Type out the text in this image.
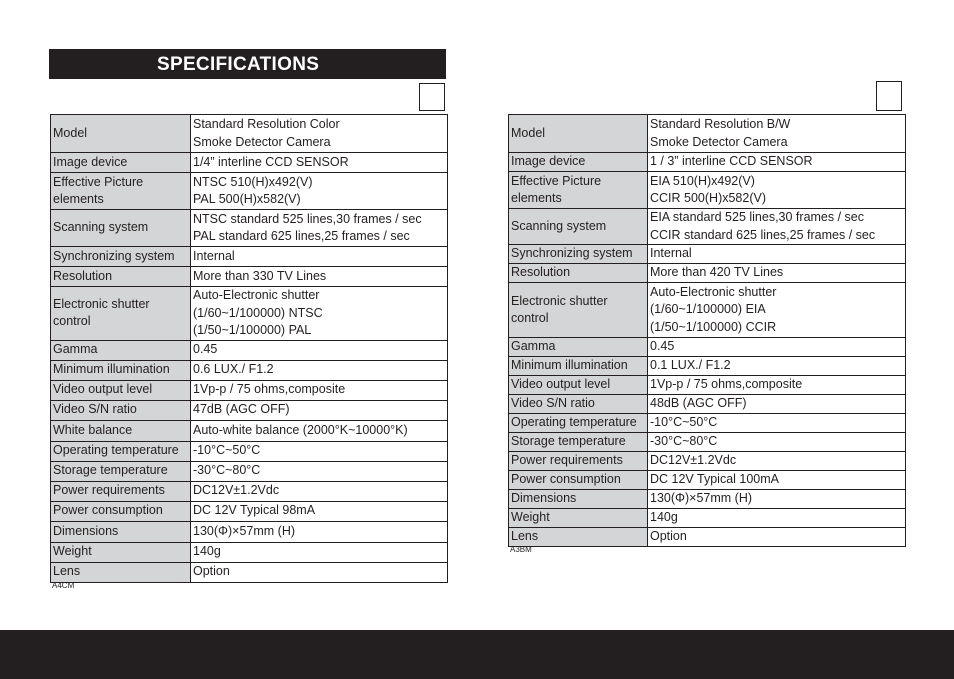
SPECIFICATIONS
Model	Standard Resolution Color
Smoke Detector Camera

Image device	1/4” interline CCD SENSOR

Effective Picture elements	NTSC 510(H)x492(V)
PAL 500(H)x582(V)

Scanning system	NTSC standard 525 lines,30 frames / sec
PAL standard 625 lines,25 frames / sec

Synchronizing system	Internal

Resolution	More than 330 TV Lines

Electronic shutter control	Auto-Electronic shutter
(1/60~1/100000) NTSC
(1/50~1/100000) PAL

Gamma	0.45

Minimum illumination	0.6 LUX./ F1.2

Video output level	1Vp-p / 75 ohms,composite

Video S/N ratio	47dB (AGC OFF)

White balance	Auto-white balance (2000°K~10000°K)

Operating temperature	-10°C~50°C

Storage temperature	-30°C~80°C

Power requirements	DC12V±1.2Vdc

Power consumption	DC 12V Typical 98mA

Dimensions	130(Φ)×57mm (H)

Weight	140g

Lens	Option
A4CM
Model	Standard Resolution B/W
Smoke Detector Camera

Image device	1 / 3” interline CCD SENSOR

Effective Picture elements	EIA 510(H)x492(V)
CCIR 500(H)x582(V)

Scanning system	EIA standard 525 lines,30 frames / sec
CCIR standard 625 lines,25 frames / sec

Synchronizing system	Internal

Resolution	More than 420 TV Lines

Electronic shutter control	Auto-Electronic shutter
(1/60~1/100000) EIA
(1/50~1/100000) CCIR

Gamma	0.45

Minimum illumination	0.1 LUX./ F1.2

Video output level	1Vp-p / 75 ohms,composite

Video S/N ratio	48dB (AGC OFF)

Operating temperature	-10°C~50°C

Storage temperature	-30°C~80°C

Power requirements	DC12V±1.2Vdc

Power consumption	DC 12V Typical 100mA

Dimensions	130(Φ)×57mm (H)

Weight	140g

Lens	Option
A3BM
